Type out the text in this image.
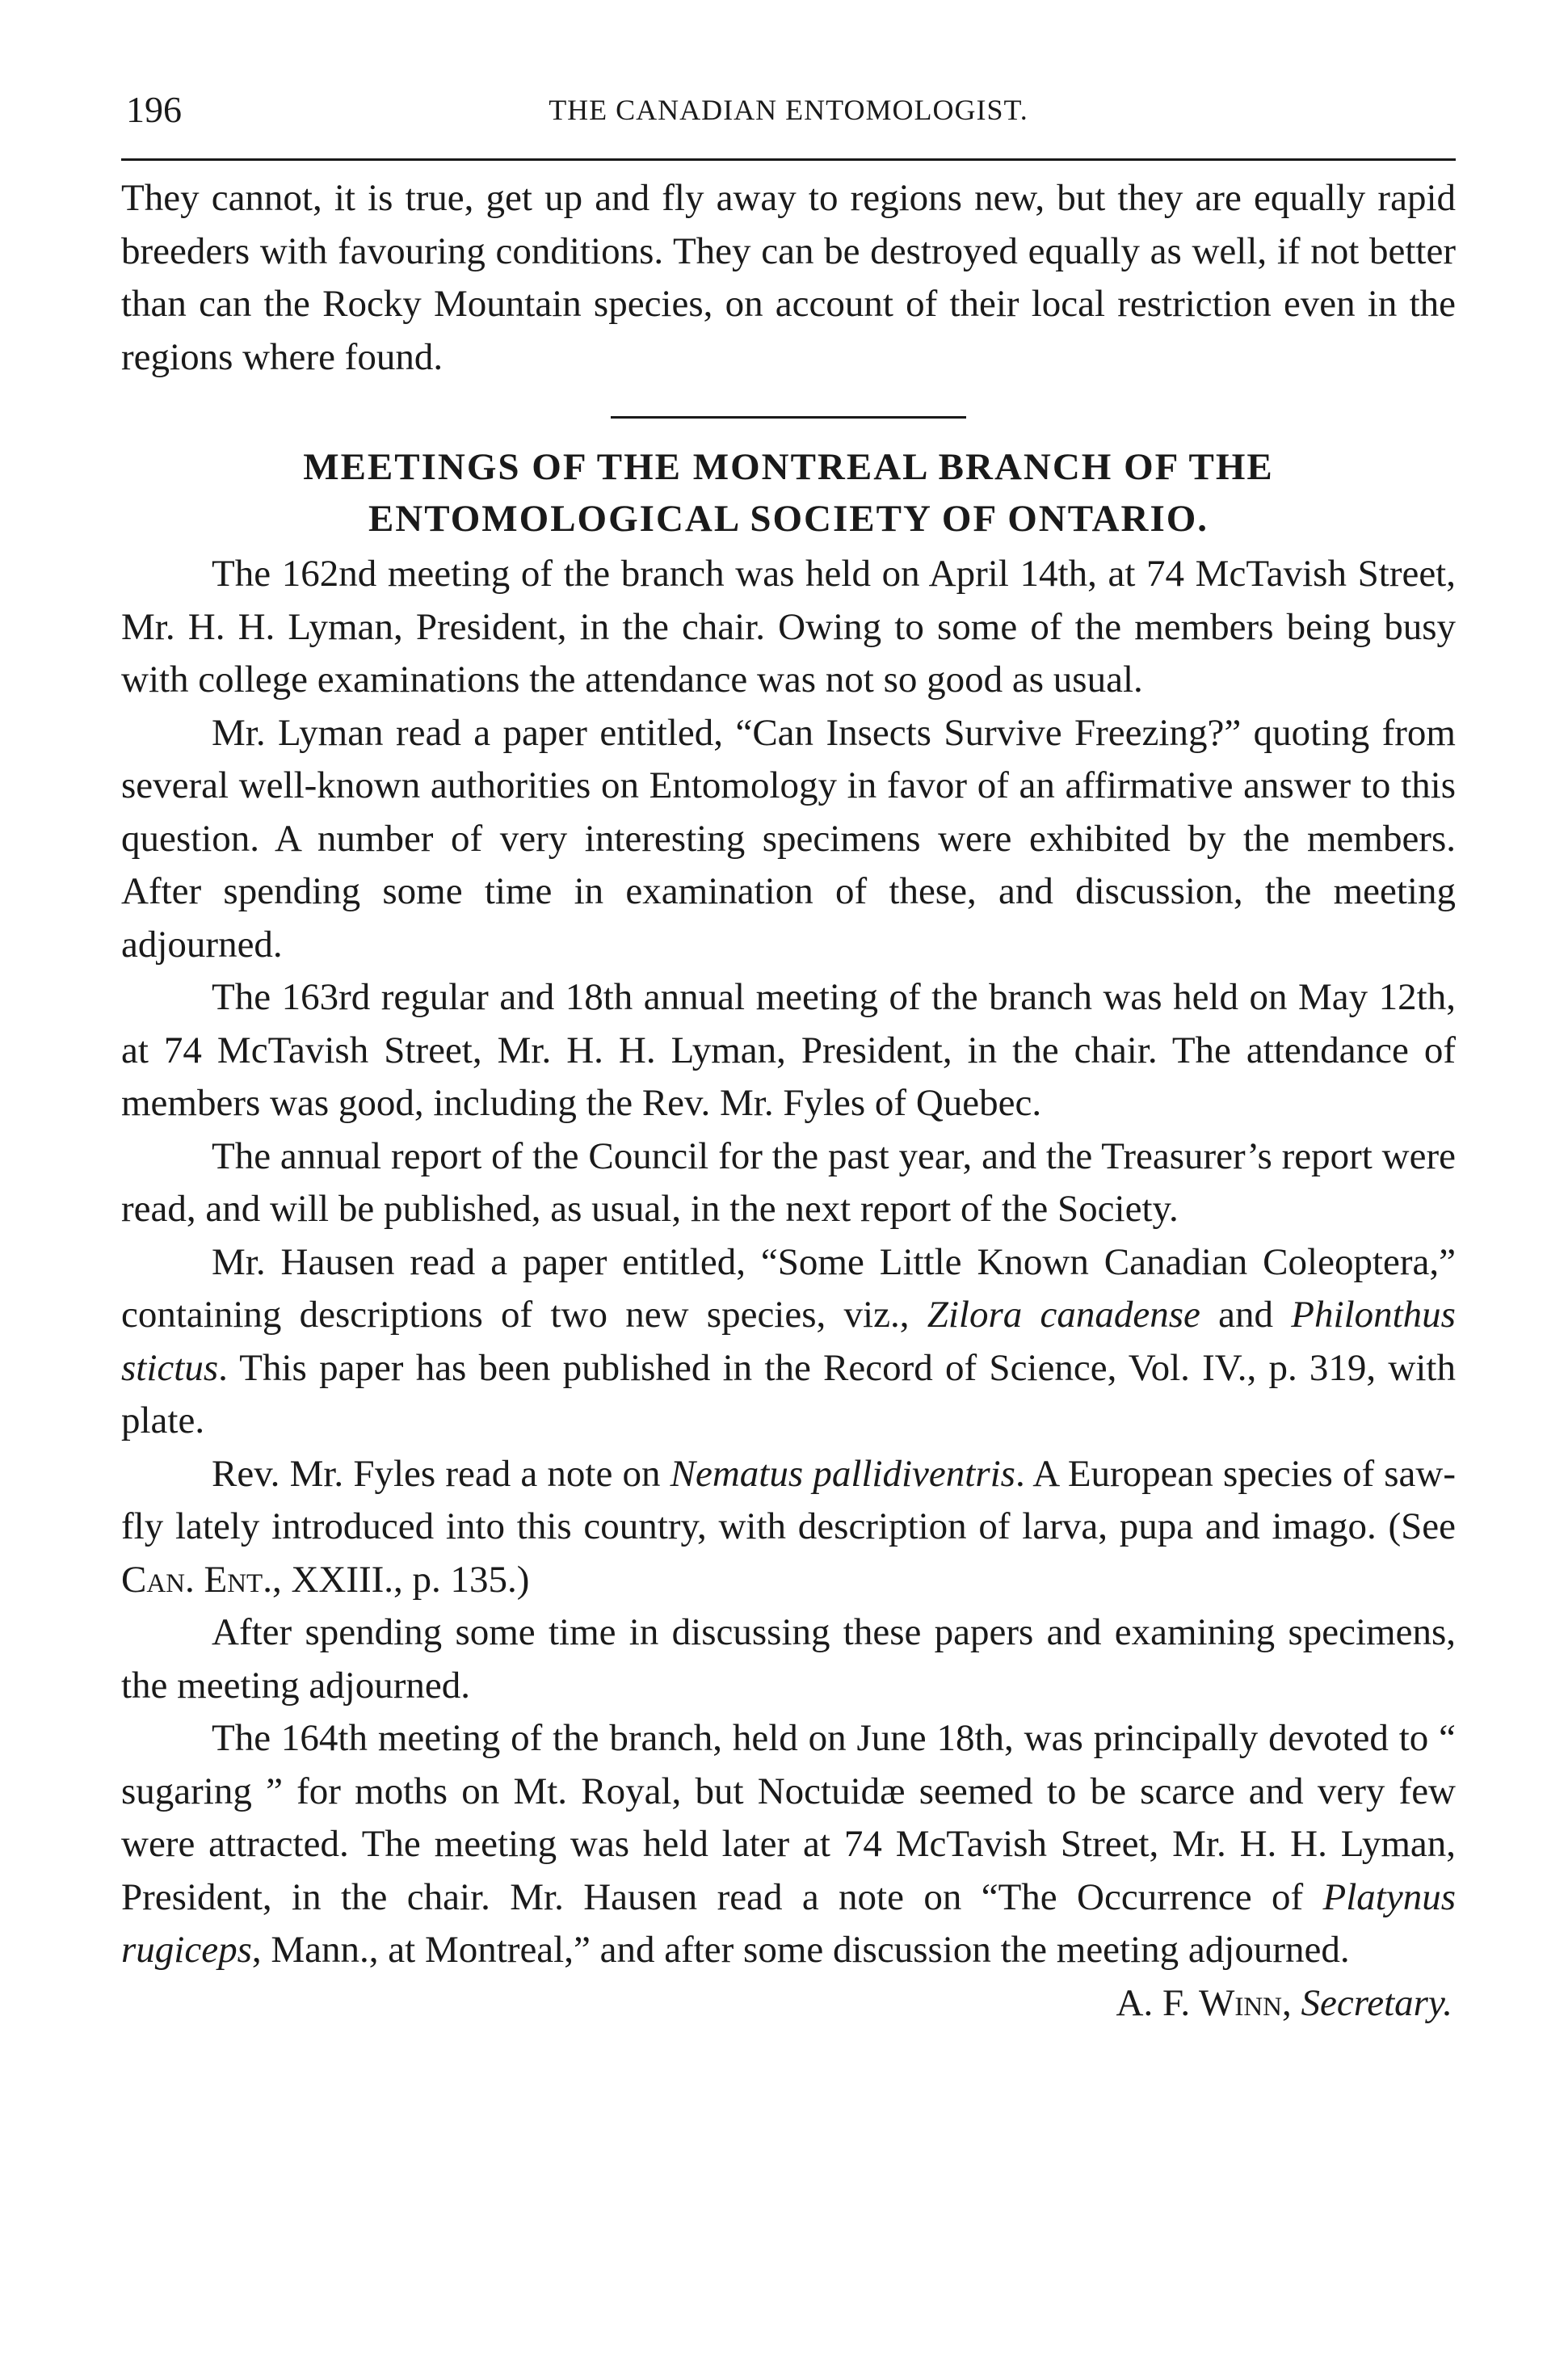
196	THE CANADIAN ENTOMOLOGIST.

They cannot, it is true, get up and fly away to regions new, but they are equally rapid breeders with favouring conditions. They can be destroyed equally as well, if not better than can the Rocky Mountain species, on account of their local restriction even in the regions where found.

MEETINGS OF THE MONTREAL BRANCH OF THE
ENTOMOLOGICAL SOCIETY OF ONTARIO.

The 162nd meeting of the branch was held on April 14th, at 74 McTavish Street, Mr. H. H. Lyman, President, in the chair. Owing to some of the members being busy with college examinations the attendance was not so good as usual.

Mr. Lyman read a paper entitled, “Can Insects Survive Freezing?” quoting from several well-known authorities on Entomology in favor of an affirmative answer to this question. A number of very interesting specimens were exhibited by the members. After spending some time in examination of these, and discussion, the meeting adjourned.

The 163rd regular and 18th annual meeting of the branch was held on May 12th, at 74 McTavish Street, Mr. H. H. Lyman, President, in the chair. The attendance of members was good, including the Rev. Mr. Fyles of Quebec.

The annual report of the Council for the past year, and the Treasurer’s report were read, and will be published, as usual, in the next report of the Society.

Mr. Hausen read a paper entitled, “Some Little Known Canadian Coleoptera,” containing descriptions of two new species, viz., Zilora canadense and Philonthus stictus. This paper has been published in the Record of Science, Vol. IV., p. 319, with plate.

Rev. Mr. Fyles read a note on Nematus pallidiventris. A European species of saw-fly lately introduced into this country, with description of larva, pupa and imago. (See Can. Ent., XXIII., p. 135.)

After spending some time in discussing these papers and examining specimens, the meeting adjourned.

The 164th meeting of the branch, held on June 18th, was principally devoted to “ sugaring ” for moths on Mt. Royal, but Noctuidæ seemed to be scarce and very few were attracted. The meeting was held later at 74 McTavish Street, Mr. H. H. Lyman, President, in the chair. Mr. Hausen read a note on “The Occurrence of Platynus rugiceps, Mann., at Montreal,” and after some discussion the meeting adjourned.

A. F. Winn, Secretary.
